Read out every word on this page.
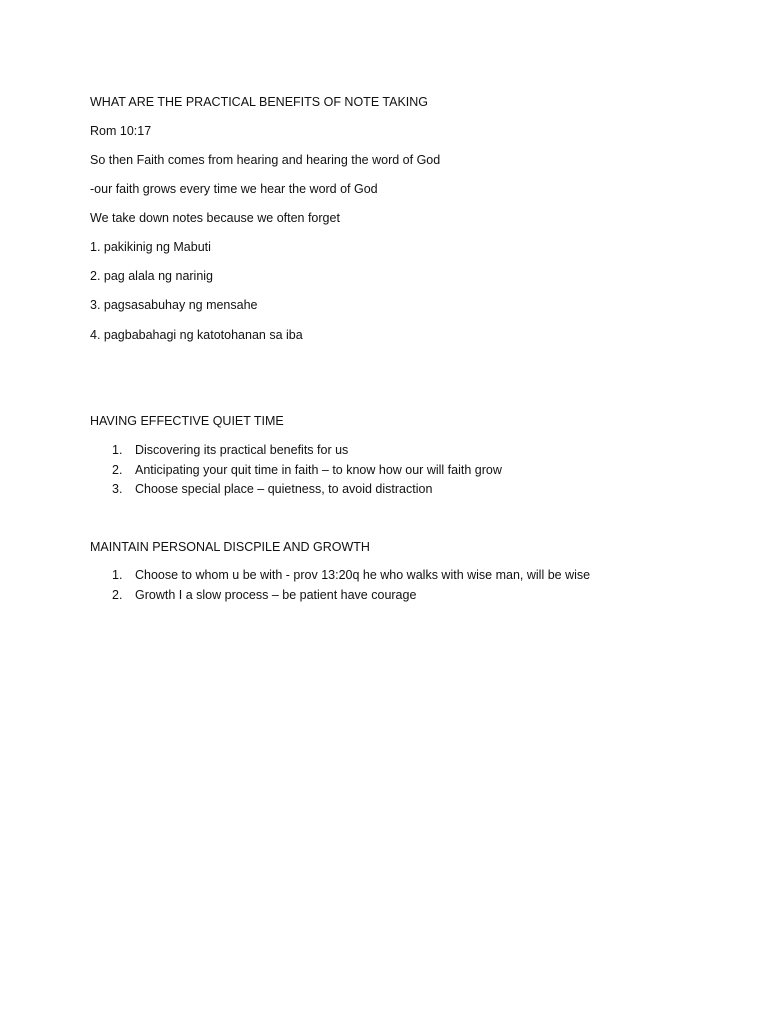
WHAT ARE THE PRACTICAL BENEFITS OF NOTE TAKING

Rom 10:17

So then Faith comes from hearing and hearing the word of God

-our faith grows every time we hear the word of God

We take down notes because we often forget

1. pakikinig ng Mabuti

2. pag alala ng narinig

3. pagsasabuhay ng mensahe

4. pagbabahagi ng katotohanan sa iba

HAVING EFFECTIVE QUIET TIME

1.	Discovering its practical benefits for us
2.	Anticipating your quit time in faith – to know how our will faith grow
3.	Choose special place – quietness, to avoid distraction

MAINTAIN PERSONAL DISCPILE AND GROWTH

1.	Choose to whom u be with - prov 13:20q he who walks with wise man, will be wise
2.	Growth I a slow process – be patient have courage
